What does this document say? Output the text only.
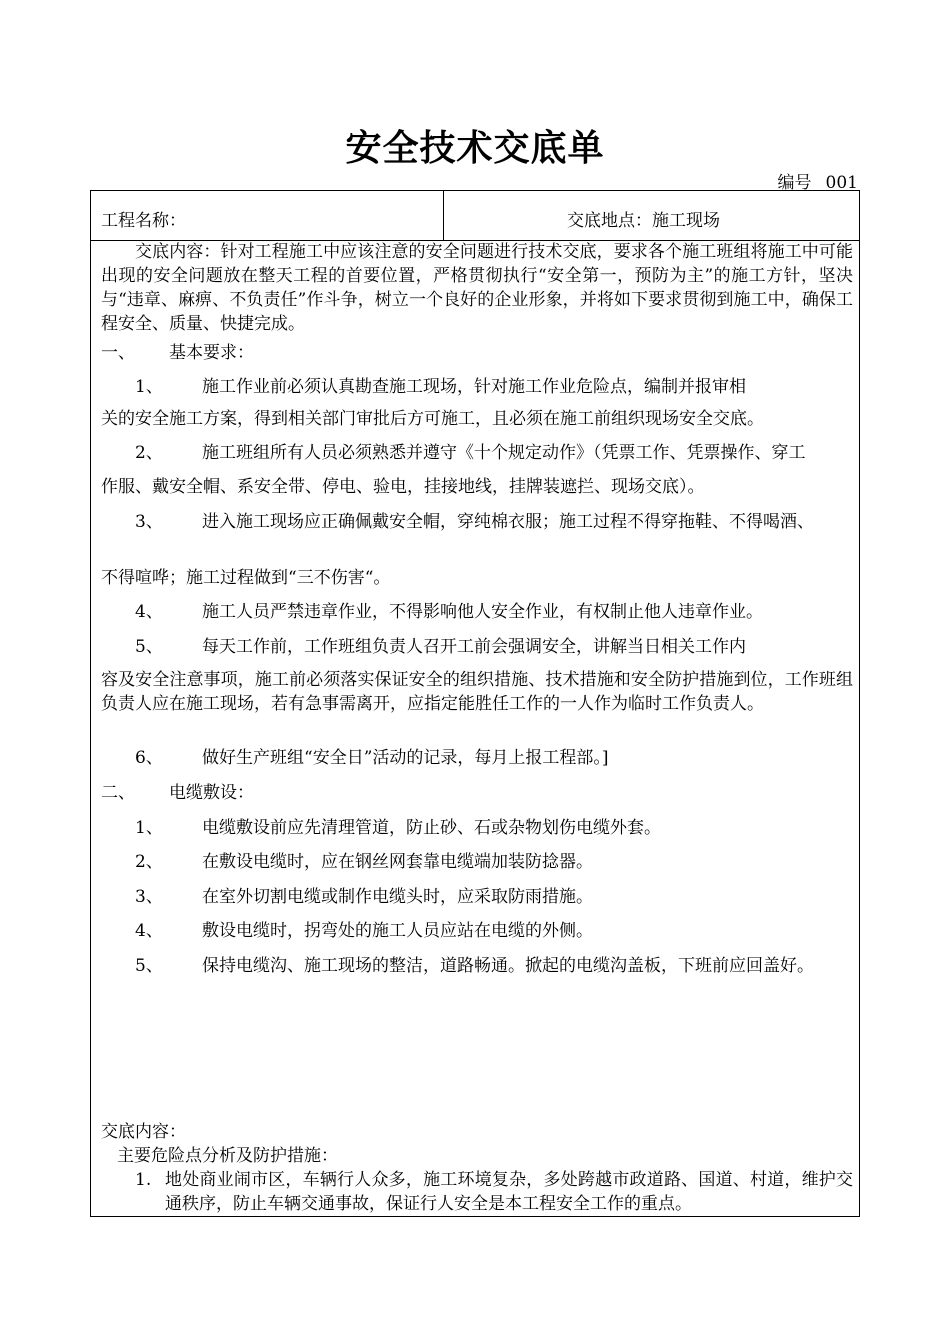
安全技术交底单
编号 001
工程名称：	交底地点：施工现场
交底内容：针对工程施工中应该注意的安全问题进行技术交底，要求各个施工班组将施工中可能出现的安全问题放在整天工程的首要位置，严格贯彻执行“安全第一，预防为主”的施工方针，坚决与“违章、麻痹、不负责任”作斗争，树立一个良好的企业形象，并将如下要求贯彻到施工中，确保工程安全、质量、快捷完成。
一、 基本要求：
1、 施工作业前必须认真勘查施工现场，针对施工作业危险点，编制并报审相
关的安全施工方案，得到相关部门审批后方可施工，且必须在施工前组织现场安全交底。
2、 施工班组所有人员必须熟悉并遵守《十个规定动作》（凭票工作、凭票操作、穿工
作服、戴安全帽、系安全带、停电、验电，挂接地线，挂牌装遮拦、现场交底）。
3、 进入施工现场应正确佩戴安全帽，穿纯棉衣服；施工过程不得穿拖鞋、不得喝酒、
不得喧哗；施工过程做到“三不伤害“。
4、 施工人员严禁违章作业，不得影响他人安全作业，有权制止他人违章作业。
5、 每天工作前，工作班组负责人召开工前会强调安全，讲解当日相关工作内
容及安全注意事项，施工前必须落实保证安全的组织措施、技术措施和安全防护措施到位，工作班组负责人应在施工现场，若有急事需离开，应指定能胜任工作的一人作为临时工作负责人。
6、 做好生产班组“安全日”活动的记录，每月上报工程部。]
二、 电缆敷设：
1、 电缆敷设前应先清理管道，防止砂、石或杂物划伤电缆外套。
2、 在敷设电缆时，应在钢丝网套靠电缆端加装防捻器。
3、 在室外切割电缆或制作电缆头时，应采取防雨措施。
4、 敷设电缆时，拐弯处的施工人员应站在电缆的外侧。
5、 保持电缆沟、施工现场的整洁，道路畅通。掀起的电缆沟盖板，下班前应回盖好。
交底内容：
主要危险点分析及防护措施：
1. 地处商业闹市区，车辆行人众多，施工环境复杂，多处跨越市政道路、国道、村道，维护交通秩序，防止车辆交通事故，保证行人安全是本工程安全工作的重点。
